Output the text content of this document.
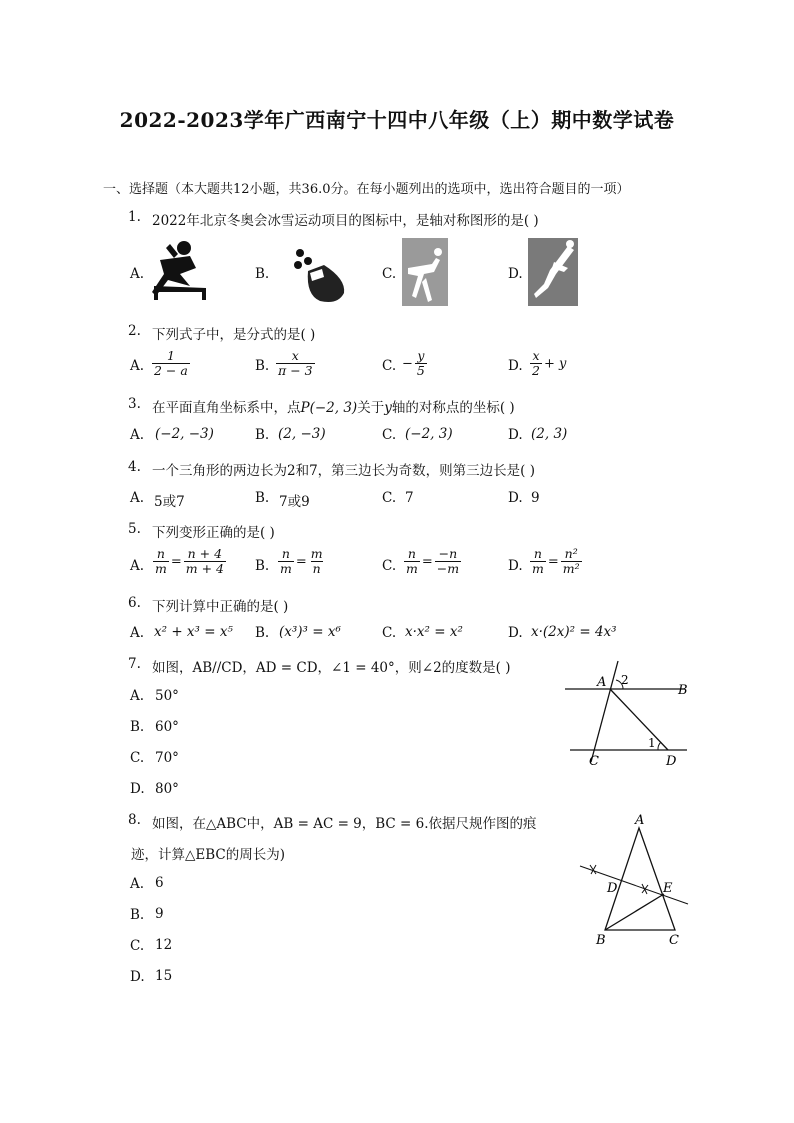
2022-2023学年广西南宁十四中八年级（上）期中数学试卷
一、选择题（本大题共12小题，共36.0分。在每小题列出的选项中，选出符合题目的一项）
1. 2022年北京冬奥会冰雪运动项目的图标中，是轴对称图形的是( )
A.	B.	C.	D.
2. 下列式子中，是分式的是( )
A. $\frac{1}{2 - a}$	B. $\frac{x}{\pi - 3}$	C. − $\frac{y}{5}$	D. $\frac{x}{2} + y$
3. 在平面直角坐标系中，点P(−2, 3)关于y轴的对称点的坐标( )
A. (−2, −3)	B. (2, −3)	C. (−2, 3)	D. (2, 3)
4. 一个三角形的两边长为2和7，第三边长为奇数，则第三边长是( )
A. 5或7	B. 7或9	C. 7	D. 9
5. 下列变形正确的是( )
A. $\frac{n}{m} = \frac{n + 4}{m + 4} B$. $\frac{n}{m} = \frac{m}{n}$	C. $\frac{n}{m} = \frac{-n}{-m}$	D. $\frac{n}{m} = \frac{\text{n²}}{\text{m²}}$
6. 下列计算中正确的是( )
A. x² + x³ = x⁵ B. (x³)³ = x⁶	C. x·x² = x²	D. x·(2x)² = 4x³
7. 如图，AB//CD，AD = CD，∠1 = 40°，则∠2的度数是( )
A. 50°
B. 60°
C. 70°
D. 80°
A 2
B
1
C	D
8. 如图，在△ABC中，AB = AC = 9，BC = 6.依据尺规作图的痕
迹，计算△EBC的周长为)
A. 6
B. 9
C. 12
D. 15
A
D	E
B	C
